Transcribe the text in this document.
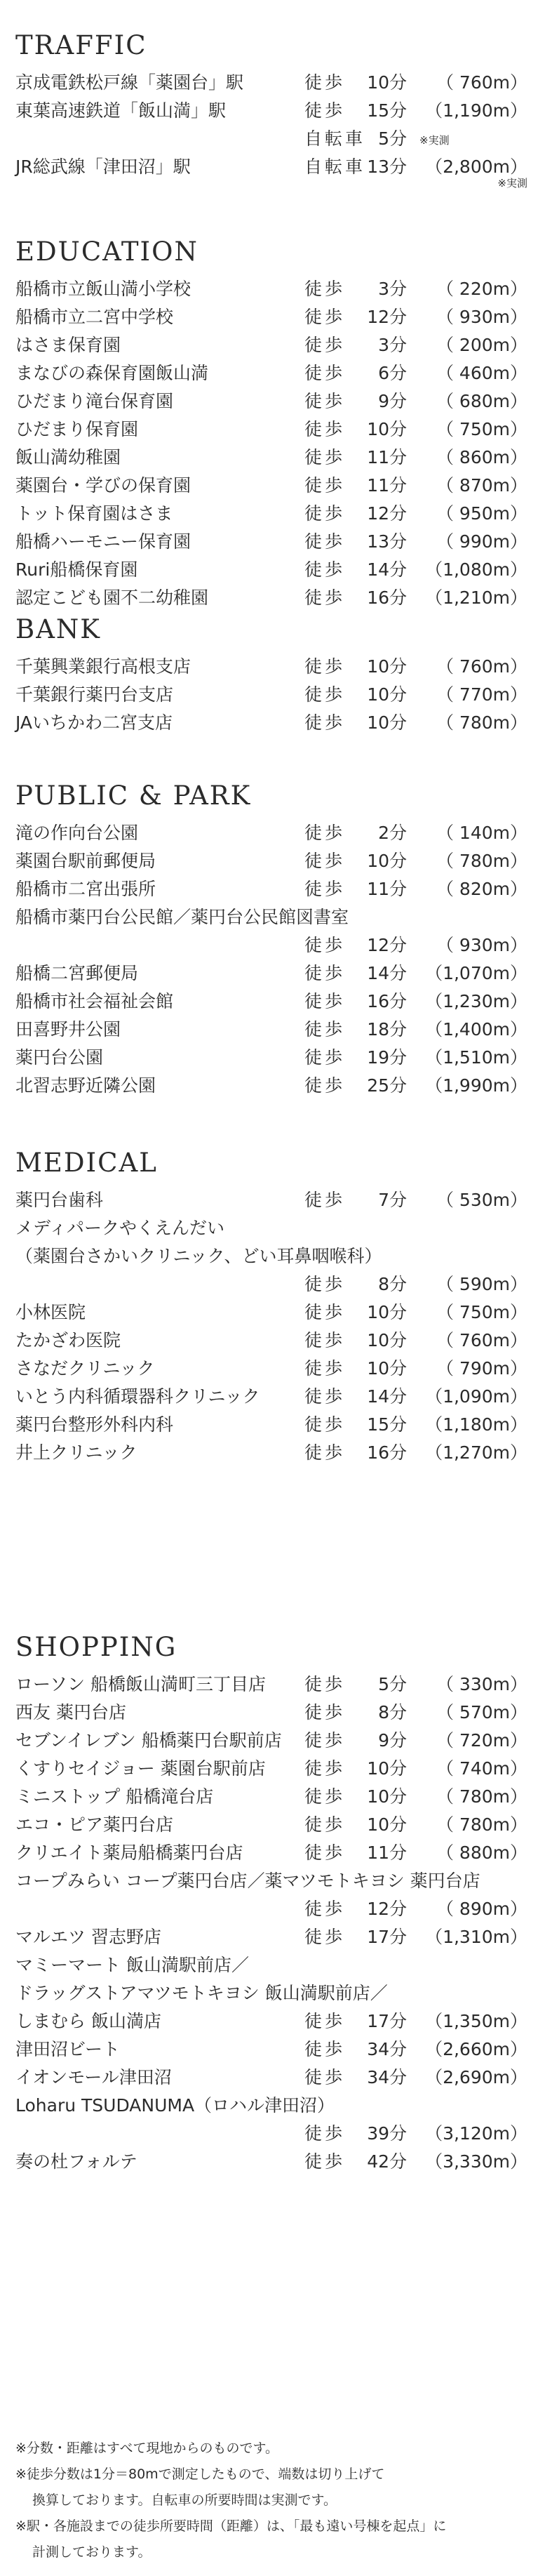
TRAFFIC
京成電鉄松戸線「薬園台」駅	徒歩	10分 （ 760m）
東葉高速鉄道「飯山満」駅	徒歩	15分 （1,190m）
自転車 5分 ※実測
JR総武線「津田沼」駅	自転車 13分 （2,800m）
※実測
EDUCATION
船橋市立飯山満小学校	徒歩	3分 （ 220m）
船橋市立二宮中学校	徒歩	12分 （ 930m）
はさま保育園	徒歩	3分 （ 200m）
まなびの森保育園飯山満	徒歩	6分 （ 460m）
ひだまり滝台保育園	徒歩	9分 （ 680m）
ひだまり保育園	徒歩	10分 （ 750m）
飯山満幼稚園	徒歩	11分 （ 860m）
薬園台・学びの保育園	徒歩	11分 （ 870m）
トット保育園はさま	徒歩	12分 （ 950m）
船橋ハーモニー保育園	徒歩	13分 （ 990m）
Ruri船橋保育園	徒歩	14分 （1,080m）
認定こども園不二幼稚園	徒歩	16分 （1,210m）
BANK
千葉興業銀行高根支店	徒歩	10分 （ 760m）
千葉銀行薬円台支店	徒歩	10分 （ 770m）
JAいちかわ二宮支店	徒歩	10分 （ 780m）
PUBLIC & PARK
滝の作向台公園	徒歩	2分 （ 140m）
薬園台駅前郵便局	徒歩	10分 （ 780m）
船橋市二宮出張所	徒歩	11分 （ 820m）
船橋市薬円台公民館／薬円台公民館図書室
徒歩	12分 （ 930m）
船橋二宮郵便局	徒歩	14分 （1,070m）
船橋市社会福祉会館	徒歩	16分 （1,230m）
田喜野井公園	徒歩	18分 （1,400m）
薬円台公園	徒歩	19分 （1,510m）
北習志野近隣公園	徒歩	25分 （1,990m）
MEDICAL
薬円台歯科	徒歩	7分 （ 530m）
メディパークやくえんだい
（薬園台さかいクリニック、どい耳鼻咽喉科）
徒歩	8分 （ 590m）
小林医院	徒歩	10分 （ 750m）
たかざわ医院	徒歩	10分 （ 760m）
さなだクリニック	徒歩	10分 （ 790m）
いとう内科循環器科クリニック	徒歩	14分 （1,090m）
薬円台整形外科内科	徒歩	15分 （1,180m）
井上クリニック	徒歩	16分 （1,270m）
SHOPPING
ローソン 船橋飯山満町三丁目店 徒歩	5分 （ 330m）
西友 薬円台店	徒歩	8分 （ 570m）
セブンイレブン 船橋薬円台駅前店 徒歩	9分 （ 720m）
くすりセイジョー 薬園台駅前店 徒歩	10分 （ 740m）
ミニストップ 船橋滝台店	徒歩	10分 （ 780m）
エコ・ピア薬円台店	徒歩	10分 （ 780m）
クリエイト薬局船橋薬円台店	徒歩	11分 （ 880m）
コープみらい コープ薬円台店／薬マツモトキヨシ 薬円台店
徒歩	12分 （ 890m）
マルエツ 習志野店	徒歩	17分 （1,310m）
マミーマート 飯山満駅前店／
ドラッグストアマツモトキヨシ 飯山満駅前店／
しまむら 飯山満店	徒歩	17分 （1,350m）
津田沼ビート	徒歩	34分 （2,660m）
イオンモール津田沼	徒歩	34分 （2,690m）
Loharu TSUDANUMA（ロハル津田沼）
徒歩	39分 （3,120m）
奏の杜フォルテ	徒歩	42分 （3,330m）
※分数・距離はすべて現地からのものです。
※徒歩分数は1分＝80mで測定したもので、端数は切り上げて
換算しております。自転車の所要時間は実測です。
※駅・各施設までの徒歩所要時間（距離）は、「最も遠い号棟を起点」に
計測しております。
